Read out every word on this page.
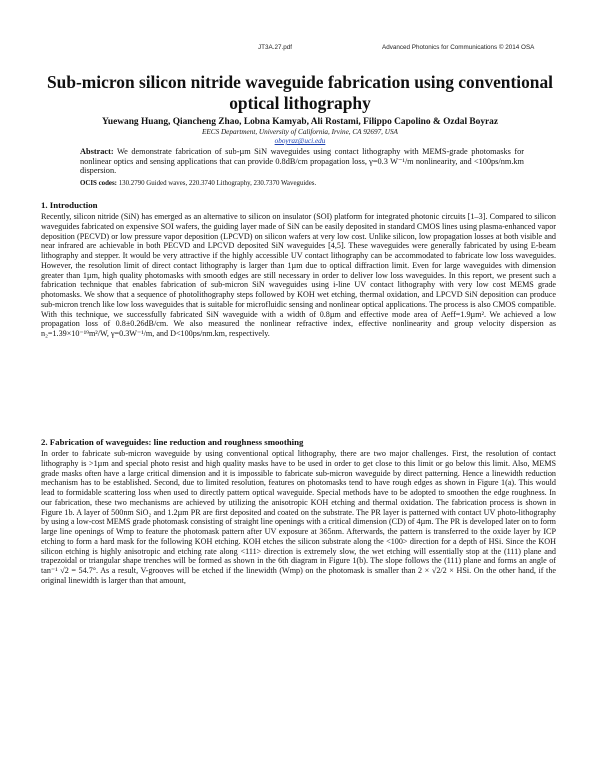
JT3A.27.pdf	Advanced Photonics for Communications © 2014 OSA
Sub-micron silicon nitride waveguide fabrication using conventional optical lithography
Yuewang Huang, Qiancheng Zhao, Lobna Kamyab, Ali Rostami, Filippo Capolino & Ozdal Boyraz
EECS Department, University of California, Irvine, CA 92697, USA
oboyraz@uci.edu
Abstract: We demonstrate fabrication of sub-µm SiN waveguides using contact lithography with MEMS-grade photomasks for nonlinear optics and sensing applications that can provide 0.8dB/cm propagation loss, γ=0.3 W⁻¹/m nonlinearity, and <100ps/nm.km dispersion.
OCIS codes: 130.2790 Guided waves, 220.3740 Lithography, 230.7370 Waveguides.
1. Introduction
Recently, silicon nitride (SiN) has emerged as an alternative to silicon on insulator (SOI) platform for integrated photonic circuits [1–3]. Compared to silicon waveguides fabricated on expensive SOI wafers, the guiding layer made of SiN can be easily deposited in standard CMOS lines using plasma-enhanced vapor deposition (PECVD) or low pressure vapor deposition (LPCVD) on silicon wafers at very low cost. Unlike silicon, low propagation losses at both visible and near infrared are achievable in both PECVD and LPCVD deposited SiN waveguides [4,5]. These waveguides were generally fabricated by using E-beam lithography and stepper. It would be very attractive if the highly accessible UV contact lithography can be accommodated to fabricate low loss waveguides. However, the resolution limit of direct contact lithography is larger than 1µm due to optical diffraction limit. Even for large waveguides with dimension greater than 1µm, high quality photomasks with smooth edges are still necessary in order to deliver low loss waveguides. In this report, we present such a fabrication technique that enables fabrication of sub-micron SiN waveguides using i-line UV contact lithography with very low cost MEMS grade photomasks. We show that a sequence of photolithography steps followed by KOH wet etching, thermal oxidation, and LPCVD SiN deposition can produce sub-micron trench like low loss waveguides that is suitable for microfluidic sensing and nonlinear optical applications. The process is also CMOS compatible. With this technique, we successfully fabricated SiN waveguide with a width of 0.8µm and effective mode area of Aeff=1.9µm². We achieved a low propagation loss of 0.8±0.26dB/cm. We also measured the nonlinear refractive index, effective nonlinearity and group velocity dispersion as n₂=1.39×10⁻¹⁹m²/W, γ=0.3W⁻¹/m, and D<100ps/nm.km, respectively.
2. Fabrication of waveguides: line reduction and roughness smoothing
In order to fabricate sub-micron waveguide by using conventional optical lithography, there are two major challenges. First, the resolution of contact lithography is >1µm and special photo resist and high quality masks have to be used in order to get close to this limit or go below this limit. Also, MEMS grade masks often have a large critical dimension and it is impossible to fabricate sub-micron waveguide by direct patterning. Hence a linewidth reduction mechanism has to be established. Second, due to limited resolution, features on photomasks tend to have rough edges as shown in Figure 1(a). This would lead to formidable scattering loss when used to directly pattern optical waveguide. Special methods have to be adopted to smoothen the edge roughness. In our fabrication, these two mechanisms are achieved by utilizing the anisotropic KOH etching and thermal oxidation. The fabrication process is shown in Figure 1b. A layer of 500nm SiO₂ and 1.2µm PR are first deposited and coated on the substrate. The PR layer is patterned with contact UV photo-lithography by using a low-cost MEMS grade photomask consisting of straight line openings with a critical dimension (CD) of 4µm. The PR is developed later on to form large line openings of Wmp to feature the photomask pattern after UV exposure at 365nm. Afterwards, the pattern is transferred to the oxide layer by ICP etching to form a hard mask for the following KOH etching. KOH etches the silicon substrate along the <100> direction for a depth of HSi. Since the KOH silicon etching is highly anisotropic and etching rate along <111> direction is extremely slow, the wet etching will essentially stop at the (111) plane and trapezoidal or triangular shape trenches will be formed as shown in the 6th diagram in Figure 1(b). The slope follows the (111) plane and forms an angle of tan⁻¹ √2 = 54.7°. As a result, V-grooves will be etched if the linewidth (Wmp) on the photomask is smaller than 2 × √2/2 × HSi. On the other hand, if the original linewidth is larger than that amount,
